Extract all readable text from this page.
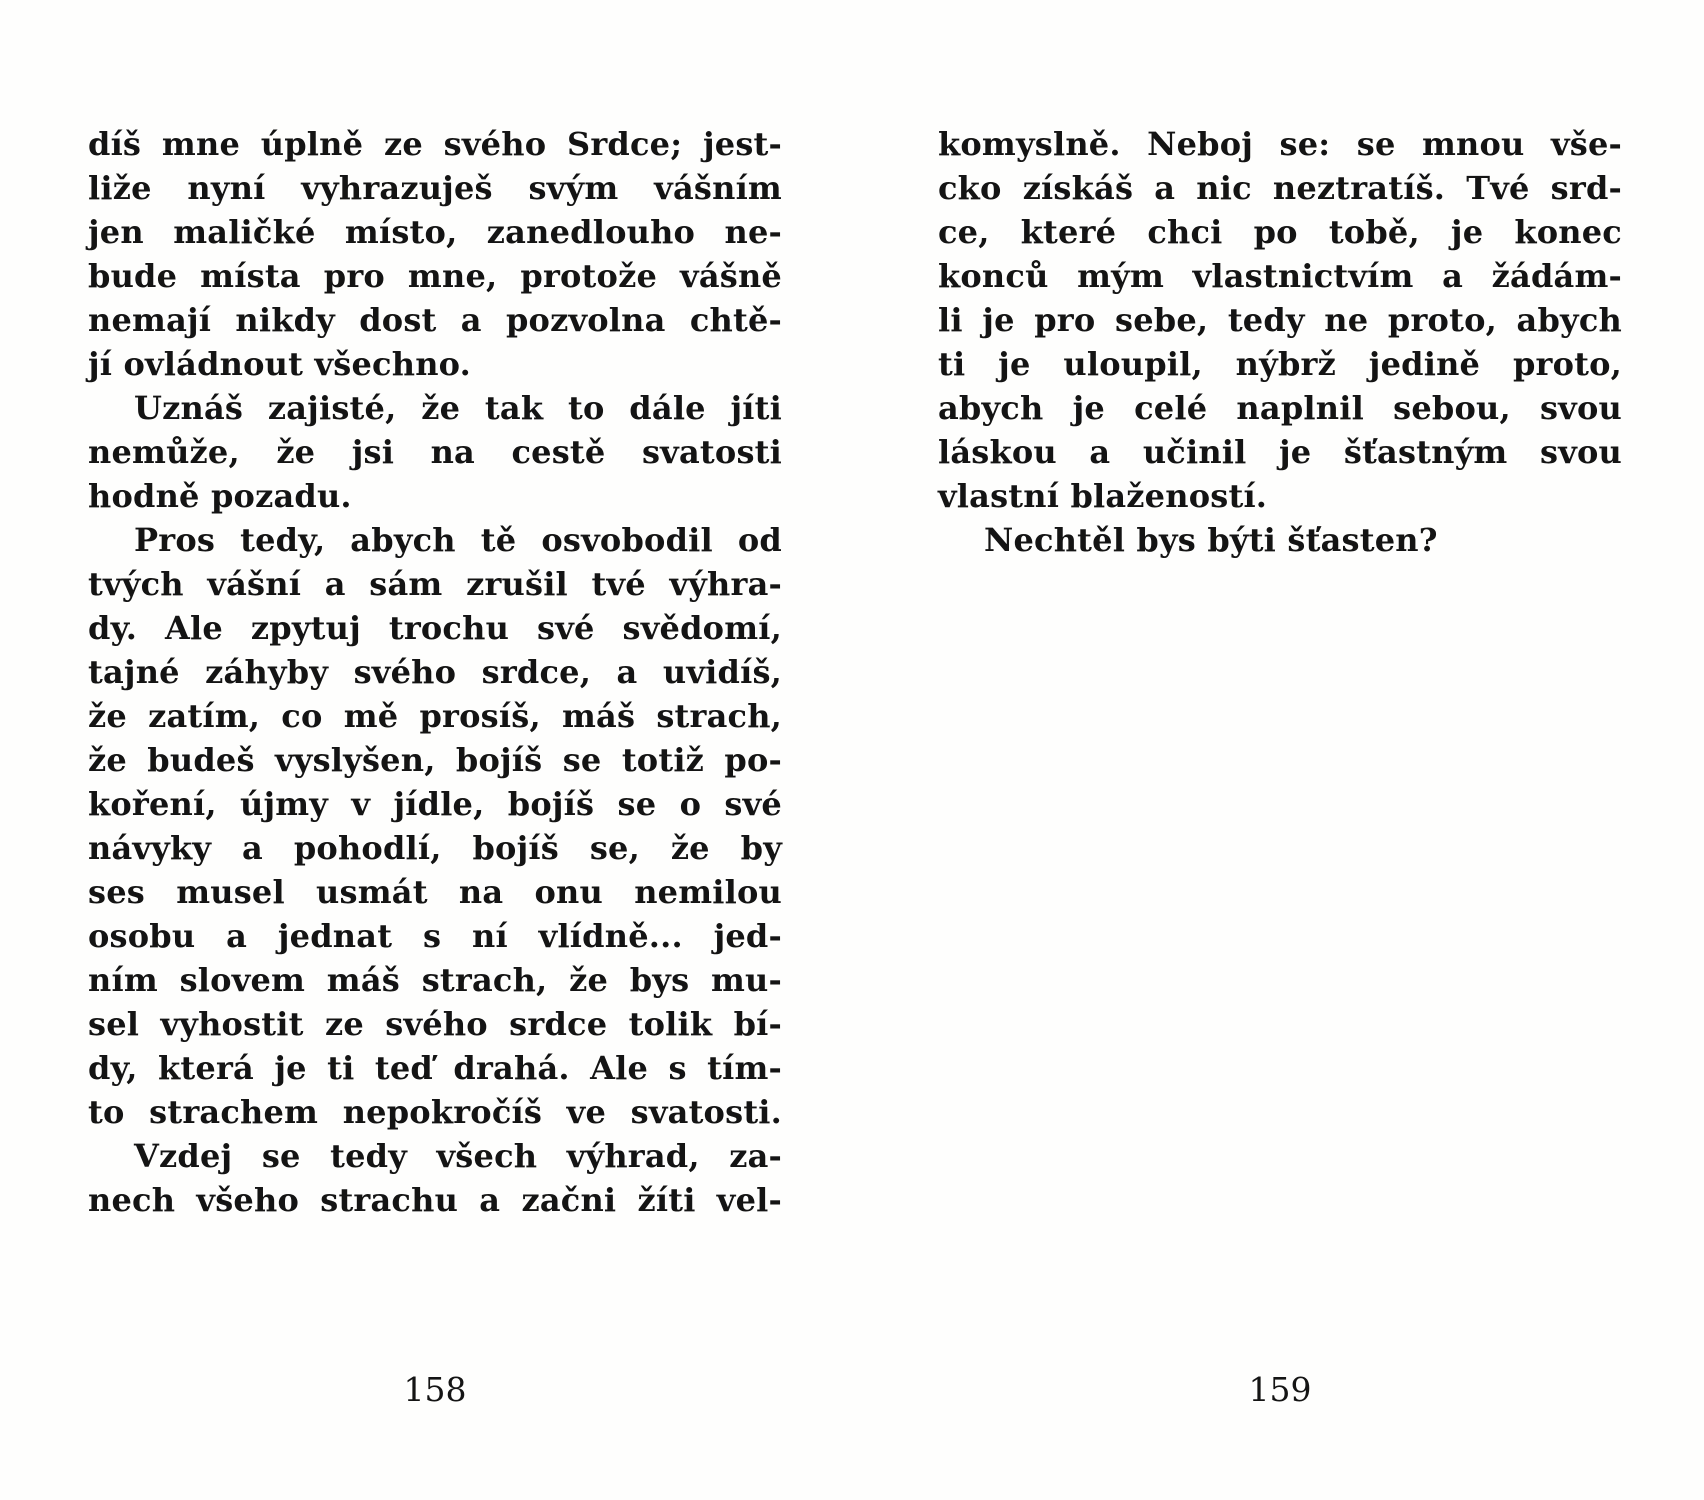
díš mne úplně ze svého Srdce; jest-
liže nyní vyhrazuješ svým vášním
jen maličké místo, zanedlouho ne-
bude místa pro mne, protože vášně
nemají nikdy dost a pozvolna chtě-
jí ovládnout všechno.
Uznáš zajisté, že tak to dále jíti
nemůže, že jsi na cestě svatosti
hodně pozadu.
Pros tedy, abych tě osvobodil od
tvých vášní a sám zrušil tvé výhra-
dy. Ale zpytuj trochu své svědomí,
tajné záhyby svého srdce, a uvidíš,
že zatím, co mě prosíš, máš strach,
že budeš vyslyšen, bojíš se totiž po-
koření, újmy v jídle, bojíš se o své
návyky a pohodlí, bojíš se, že by
ses musel usmát na onu nemilou
osobu a jednat s ní vlídně... jed-
ním slovem máš strach, že bys mu-
sel vyhostit ze svého srdce tolik bí-
dy, která je ti teď drahá. Ale s tím-
to strachem nepokročíš ve svatosti.
Vzdej se tedy všech výhrad, za-
nech všeho strachu a začni žíti vel-
komyslně. Neboj se: se mnou vše-
cko získáš a nic neztratíš. Tvé srd-
ce, které chci po tobě, je konec
konců mým vlastnictvím a žádám-
li je pro sebe, tedy ne proto, abych
ti je uloupil, nýbrž jedině proto,
abych je celé naplnil sebou, svou
láskou a učinil je šťastným svou
vlastní blažeností.
Nechtěl bys býti šťasten?
158	159
